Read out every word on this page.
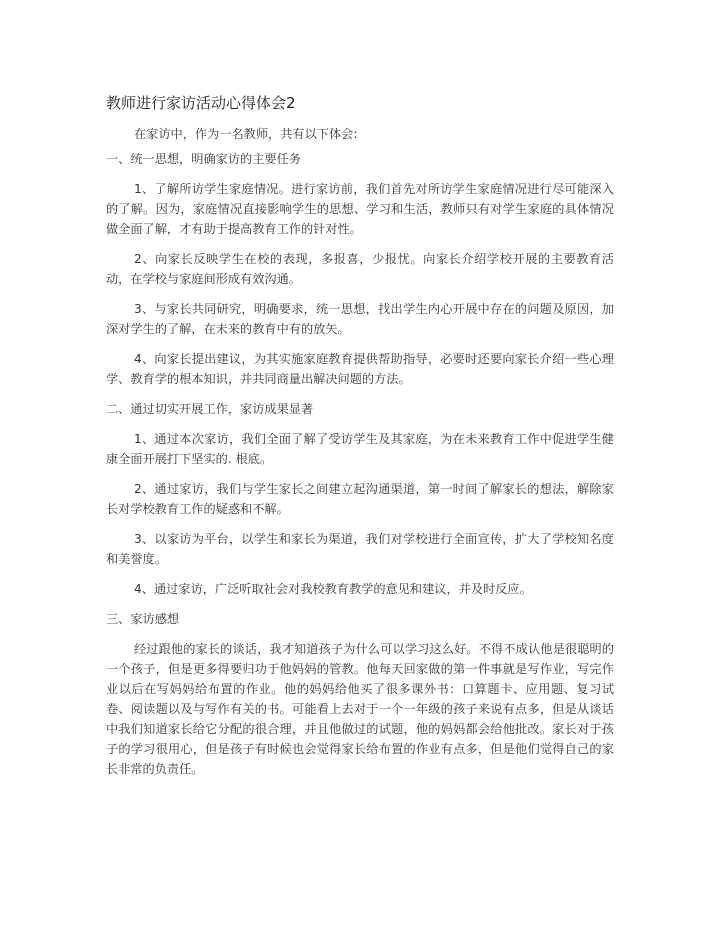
教师进行家访活动心得体会2

在家访中，作为一名教师，共有以下体会:

一、统一思想，明确家访的主要任务

1、了解所访学生家庭情况。进行家访前，我们首先对所访学生家庭情况进行尽可能深入的了解。因为，家庭情况直接影响学生的思想、学习和生活，教师只有对学生家庭的具体情况做全面了解，才有助于提高教育工作的针对性。

2、向家长反映学生在校的表现，多报喜，少报忧。向家长介绍学校开展的主要教育活动，在学校与家庭间形成有效沟通。

3、与家长共同研究，明确要求，统一思想，找出学生内心开展中存在的问题及原因，加深对学生的了解，在未来的教育中有的放矢。

4、向家长提出建议，为其实施家庭教育提供帮助指导，必要时还要向家长介绍一些心理学、教育学的根本知识，并共同商量出解决问题的方法。

二、通过切实开展工作，家访成果显著

1、通过本次家访，我们全面了解了受访学生及其家庭，为在未来教育工作中促进学生健康全面开展打下坚实的. 根底。

2、通过家访，我们与学生家长之间建立起沟通渠道，第一时间了解家长的想法，解除家长对学校教育工作的疑惑和不解。

3、以家访为平台，以学生和家长为渠道，我们对学校进行全面宣传，扩大了学校知名度和美誉度。

4、通过家访，广泛听取社会对我校教育教学的意见和建议，并及时反应。

三、家访感想

经过跟他的家长的谈话，我才知道孩子为什么可以学习这么好。不得不成认他是很聪明的一个孩子，但是更多得要归功于他妈妈的管教。他每天回家做的第一件事就是写作业，写完作业以后在写妈妈给布置的作业。他的妈妈给他买了很多课外书：口算题卡、应用题、复习试卷、阅读题以及与写作有关的书。可能看上去对于一个一年级的孩子来说有点多，但是从谈话中我们知道家长给它分配的很合理，并且他做过的试题，他的妈妈都会给他批改。家长对于孩子的学习很用心，但是孩子有时候也会觉得家长给布置的作业有点多，但是他们觉得自己的家长非常的负责任。
